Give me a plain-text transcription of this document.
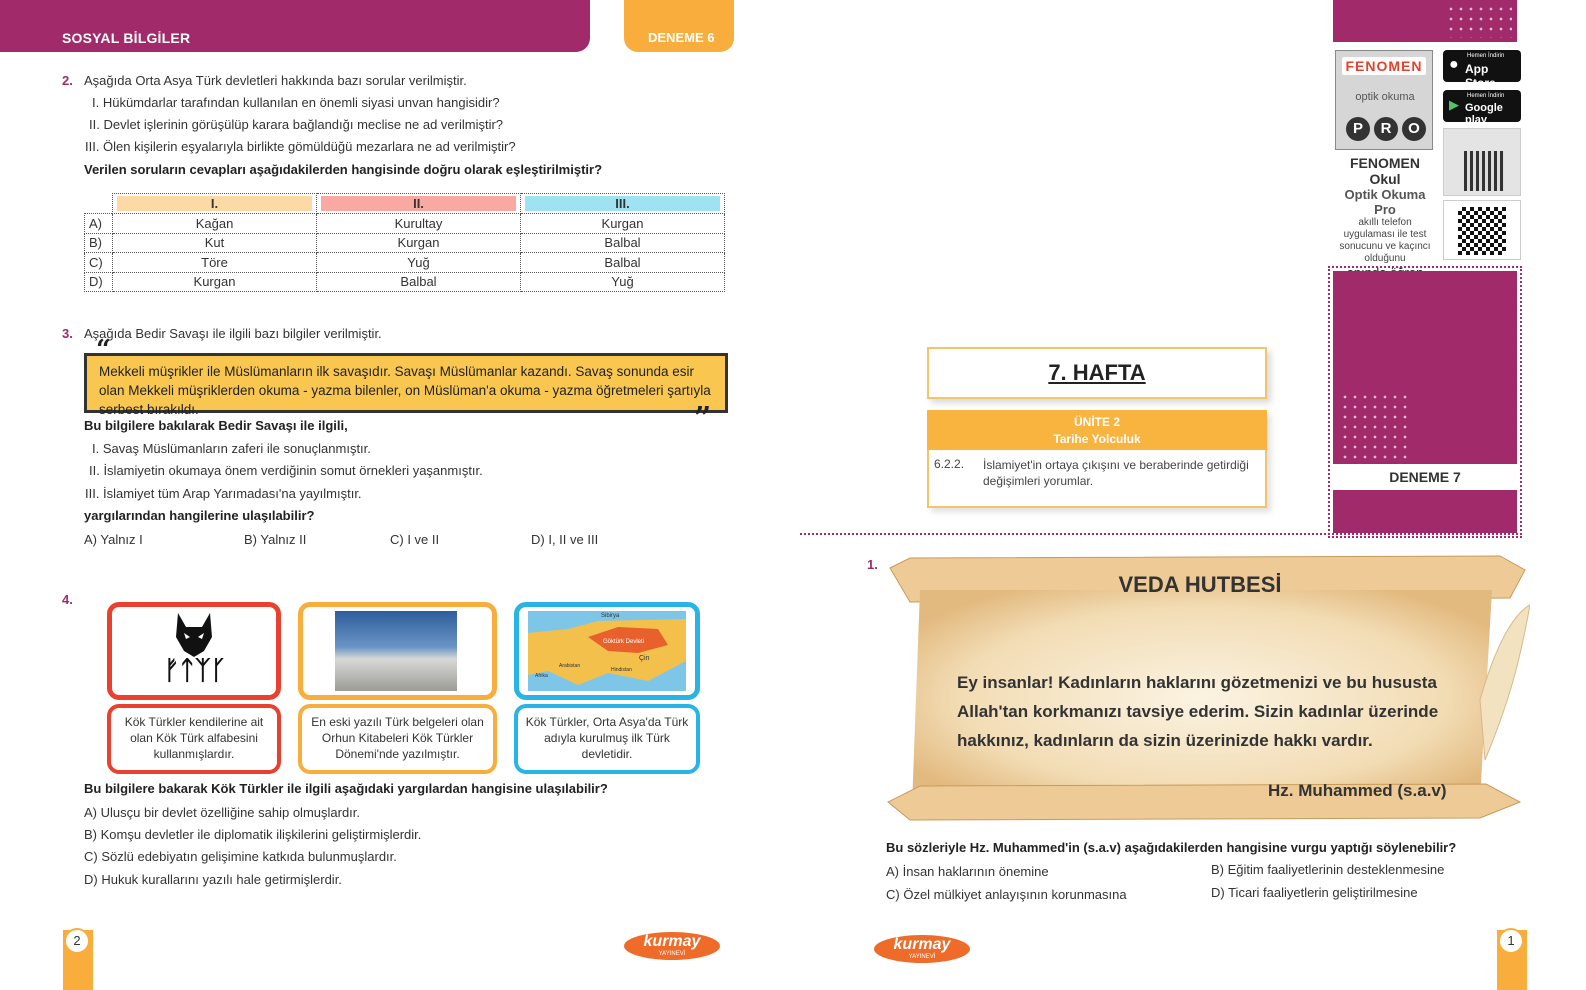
SOSYAL BİLGİLER	DENEME 6
2. Aşağıda Orta Asya Türk devletleri hakkında bazı sorular verilmiştir.
I. Hükümdarlar tarafından kullanılan en önemli siyasi unvan hangisidir?
II. Devlet işlerinin görüşülüp karara bağlandığı meclise ne ad verilmiştir?
III. Ölen kişilerin eşyalarıyla birlikte gömüldüğü mezarlara ne ad verilmiştir?
Verilen soruların cevapları aşağıdakilerden hangisinde doğru olarak eşleştirilmiştir?

	I.	II.	III.

A)	Kağan	Kurultay	Kurgan
B)	Kut	Kurgan	Balbal
C)	Töre	Yuğ	Balbal
D)	Kurgan	Balbal	Yuğ
3. Aşağıda Bedir Savaşı ile ilgili bazı bilgiler verilmiştir.
Mekkeli müşrikler ile Müslümanların ilk savaşıdır. Savaşı Müslümanlar kazandı. Savaş sonunda esir olan Mekkeli müşriklerden okuma - yazma bilenler, on Müslüman'a okuma - yazma öğretmeleri şartıyla serbest bırakıldı.
“
”
Bu bilgilere bakılarak Bedir Savaşı ile ilgili,
I. Savaş Müslümanların zaferi ile sonuçlanmıştır.
II. İslamiyetin okumaya önem verdiğinin somut örnekleri yaşanmıştır.
III. İslamiyet tüm Arap Yarımadası'na yayılmıştır.
yargılarından hangilerine ulaşılabilir?
A) Yalnız I	B) Yalnız II	C) I ve II	D) I, II ve III
4.
ᚠᛏᛉᚴ
Kök Türkler kendilerine ait olan Kök Türk alfabesini kullanmışlardır.
En eski yazılı Türk belgeleri olan Orhun Kitabeleri Kök Türkler Dönemi'nde yazılmıştır.
Sibirya
Göktürk Devleti
Çin
Hindistan
Afrika
Arabistan
Kök Türkler, Orta Asya'da Türk adıyla kurulmuş ilk Türk devletidir.
Bu bilgilere bakarak Kök Türkler ile ilgili aşağıdaki yargılardan hangisine ulaşılabilir?
A) Ulusçu bir devlet özelliğine sahip olmuşlardır.
B) Komşu devletler ile diplomatik ilişkilerini geliştirmişlerdir.
C) Sözlü edebiyatın gelişimine katkıda bulunmuşlardır.
D) Hukuk kurallarını yazılı hale getirmişlerdir.
2	kurmay
YAYINEVİ
FENOMEN
optik okuma
P	R	O
● Hemen İndirin
App Store
▶
Hemen İndirin
Google play
FENOMEN Okul
Optik Okuma Pro
akıllı telefon uygulaması ile test sonucunu ve kaçıncı olduğunu
7. HAFTA
ÜNİTE 2
Tarihe Yolculuk
6.2.2. İslamiyet'in ortaya çıkışını ve beraberinde getirdiği değişimleri yorumlar.	DENEME 7
1.
VEDA HUTBESİ
Ey insanlar! Kadınların haklarını gözetmenizi ve bu hususta Allah'tan korkmanızı tavsiye ederim. Sizin kadınlar üzerinde hakkınız, kadınların da sizin üzerinizde hakkı vardır.
Hz. Muhammed (s.a.v)
Bu sözleriyle Hz. Muhammed'in (s.a.v) aşağıdakilerden hangisine vurgu yaptığı söylenebilir?
A) İnsan haklarının önemine	B) Eğitim faaliyetlerinin desteklenmesine
C) Özel mülkiyet anlayışının korunmasına	D) Ticari faaliyetlerin geliştirilmesine
kurmay
YAYINEVİ
1
